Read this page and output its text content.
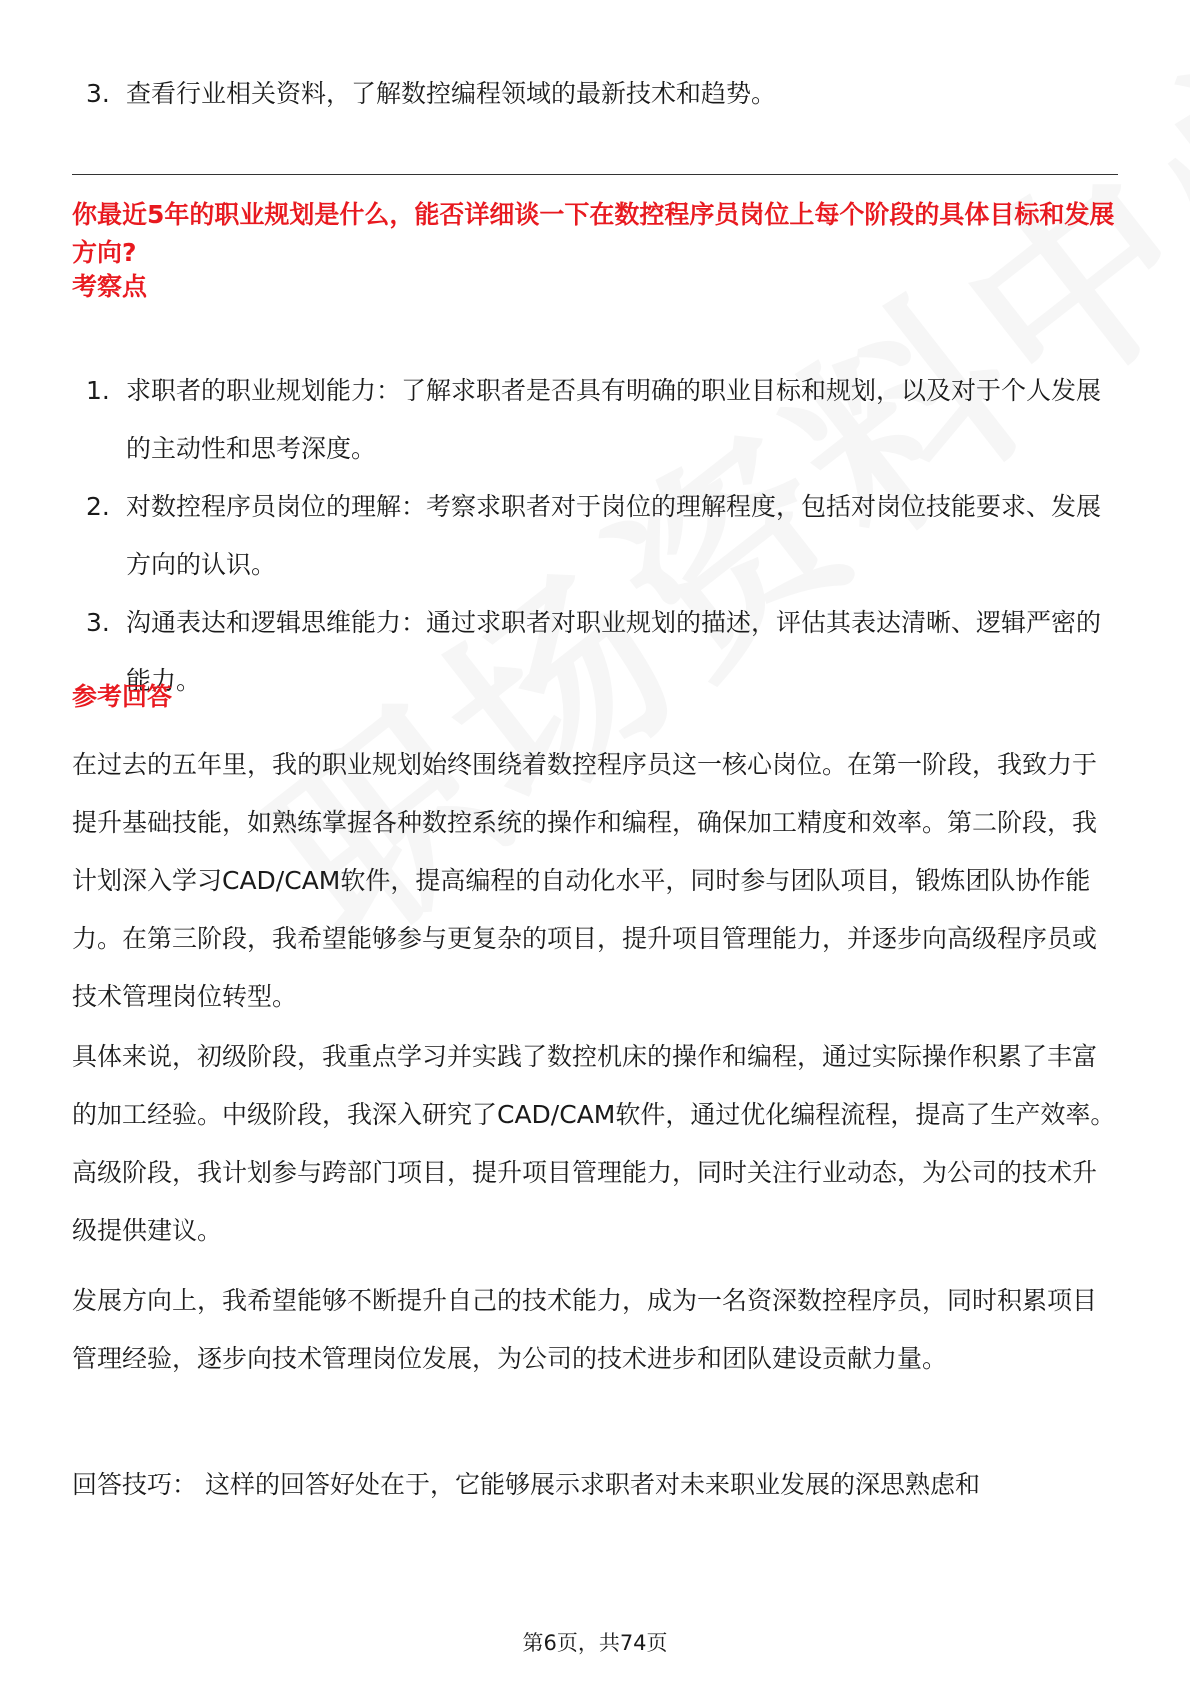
3. 查看行业相关资料，了解数控编程领域的最新技术和趋势。
你最近5年的职业规划是什么，能否详细谈一下在数控程序员岗位上每个阶段的具体目标和发展方向?
考察点
1. 求职者的职业规划能力：了解求职者是否具有明确的职业目标和规划，以及对于个人发展的主动性和思考深度。
2. 对数控程序员岗位的理解：考察求职者对于岗位的理解程度，包括对岗位技能要求、发展方向的认识。
3. 沟通表达和逻辑思维能力：通过求职者对职业规划的描述，评估其表达清晰、逻辑严密的能力。
参考回答

在过去的五年里，我的职业规划始终围绕着数控程序员这一核心岗位。在第一阶段，我致力于提升基础技能，如熟练掌握各种数控系统的操作和编程，确保加工精度和效率。第二阶段，我计划深入学习CAD/CAM软件，提高编程的自动化水平，同时参与团队项目，锻炼团队协作能力。在第三阶段，我希望能够参与更复杂的项目，提升项目管理能力，并逐步向高级程序员或技术管理岗位转型。

具体来说，初级阶段，我重点学习并实践了数控机床的操作和编程，通过实际操作积累了丰富的加工经验。中级阶段，我深入研究了CAD/CAM软件，通过优化编程流程，提高了生产效率。高级阶段，我计划参与跨部门项目，提升项目管理能力，同时关注行业动态，为公司的技术升级提供建议。

发展方向上，我希望能够不断提升自己的技术能力，成为一名资深数控程序员，同时积累项目管理经验，逐步向技术管理岗位发展，为公司的技术进步和团队建设贡献力量。

回答技巧： 这样的回答好处在于，它能够展示求职者对未来职业发展的深思熟虑和

第6页，共74页
